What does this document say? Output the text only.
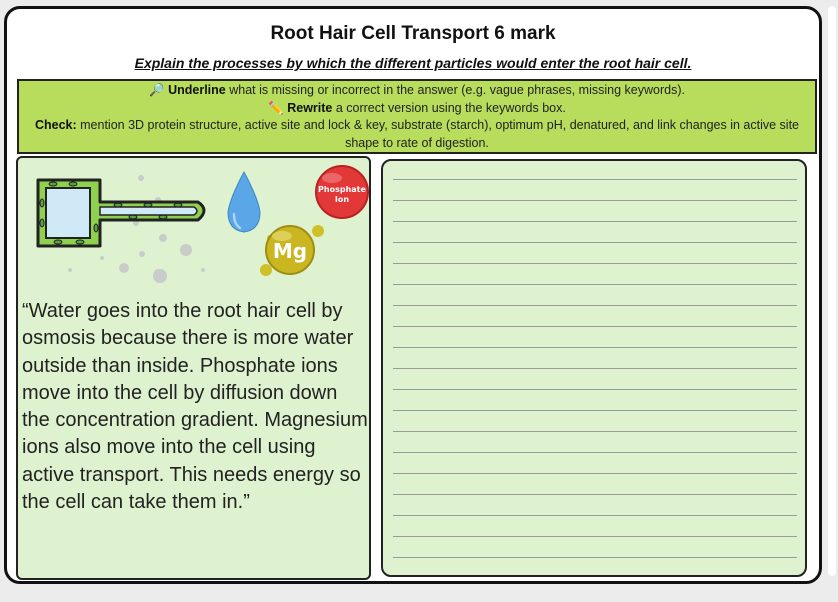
Root Hair Cell Transport 6 mark
Explain the processes by which the different particles would enter the root hair cell.
🔎 Underline what is missing or incorrect in the answer (e.g. vague phrases, missing keywords).
✏️ Rewrite a correct version using the keywords box.
Check: mention 3D protein structure, active site and lock & key, substrate (starch), optimum pH, denatured, and link changes in active site shape to rate of digestion.
Phosphate
Ion
Mg
“Water goes into the root hair cell by osmosis because there is more water outside than inside. Phosphate ions move into the cell by diffusion down the concentration gradient. Magnesium ions also move into the cell using active transport. This needs energy so the cell can take them in.”
